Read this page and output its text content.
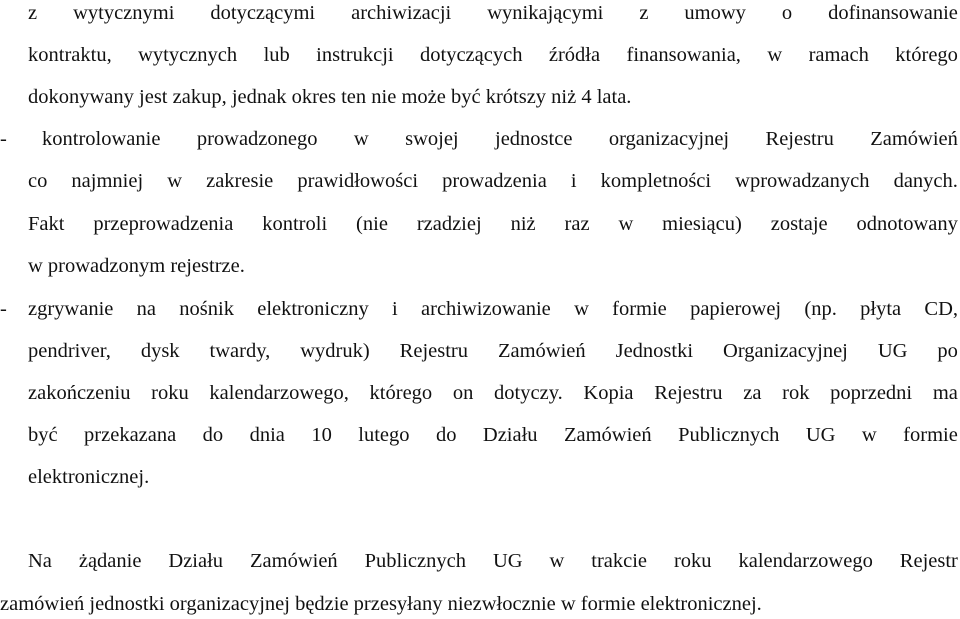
z wytycznymi dotyczącymi archiwizacji wynikającymi z umowy o dofinansowanie
kontraktu, wytycznych lub instrukcji dotyczących źródła finansowania, w ramach którego
dokonywany jest zakup, jednak okres ten nie może być krótszy niż 4 lata.
- kontrolowanie prowadzonego w swojej jednostce organizacyjnej Rejestru Zamówień
co najmniej w zakresie prawidłowości prowadzenia i kompletności wprowadzanych danych.
Fakt przeprowadzenia kontroli (nie rzadziej niż raz w miesiącu) zostaje odnotowany
w prowadzonym rejestrze.
- zgrywanie na nośnik elektroniczny i archiwizowanie w formie papierowej (np. płyta CD,
pendriver, dysk twardy, wydruk) Rejestru Zamówień Jednostki Organizacyjnej UG po
zakończeniu roku kalendarzowego, którego on dotyczy. Kopia Rejestru za rok poprzedni ma
być przekazana do dnia 10 lutego do Działu Zamówień Publicznych UG w formie
elektronicznej.
Na żądanie Działu Zamówień Publicznych UG w trakcie roku kalendarzowego Rejestr
zamówień jednostki organizacyjnej będzie przesyłany niezwłocznie w formie elektronicznej.
